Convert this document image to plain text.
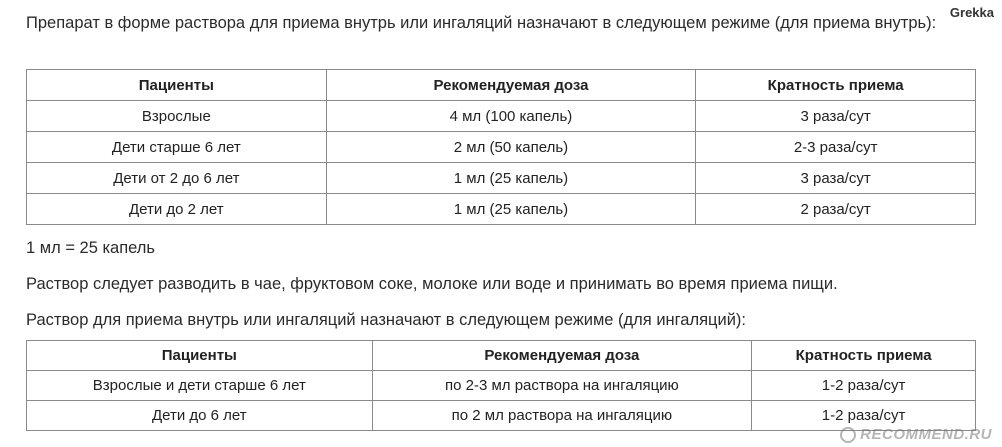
Grekka
Препарат в форме раствора для приема внутрь или ингаляций назначают в следующем режиме (для приема внутрь):
Пациенты	Рекомендуемая доза	Кратность приема
Взрослые	4 мл (100 капель)	3 раза/сут
Дети старше 6 лет	2 мл (50 капель)	2-3 раза/сут
Дети от 2 до 6 лет	1 мл (25 капель)	3 раза/сут
Дети до 2 лет	1 мл (25 капель)	2 раза/сут
1 мл = 25 капель
Раствор следует разводить в чае, фруктовом соке, молоке или воде и принимать во время приема пищи.
Раствор для приема внутрь или ингаляций назначают в следующем режиме (для ингаляций):
Пациенты	Рекомендуемая доза	Кратность приема
Взрослые и дети старше 6 лет	по 2-3 мл раствора на ингаляцию	1-2 раза/сут
Дети до 6 лет	по 2 мл раствора на ингаляцию	1-2 раза/сут
RECOMMEND.RU
